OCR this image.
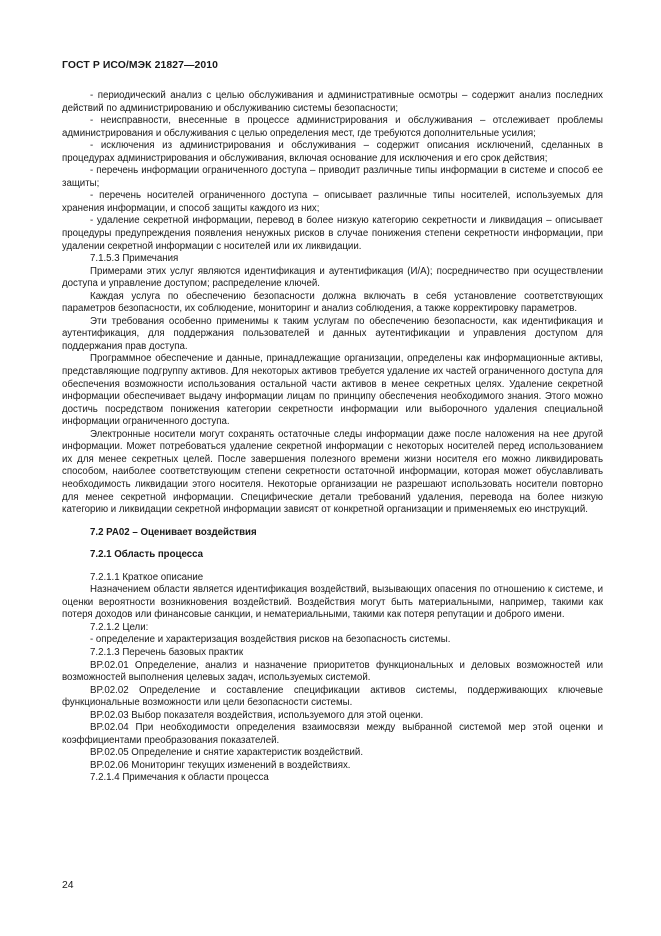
ГОСТ Р ИСО/МЭК 21827—2010

- периодический анализ с целью обслуживания и административные осмотры – содержит анализ последних действий по администрированию и обслуживанию системы безопасности;

- неисправности, внесенные в процессе администрирования и обслуживания – отслеживает проблемы администрирования и обслуживания с целью определения мест, где требуются дополнительные усилия;

- исключения из администрирования и обслуживания – содержит описания исключений, сделанных в процедурах администрирования и обслуживания, включая основание для исключения и его срок действия;

- перечень информации ограниченного доступа – приводит различные типы информации в системе и способ ее защиты;

- перечень носителей ограниченного доступа – описывает различные типы носителей, используемых для хранения информации, и способ защиты каждого из них;

- удаление секретной информации, перевод в более низкую категорию секретности и ликвидация – описывает процедуры предупреждения появления ненужных рисков в случае понижения степени секретности информации, при удалении секретной информации с носителей или их ликвидации.

7.1.5.3 Примечания

Примерами этих услуг являются идентификация и аутентификация (И/А); посредничество при осуществлении доступа и управление доступом; распределение ключей.

Каждая услуга по обеспечению безопасности должна включать в себя установление соответствующих параметров безопасности, их соблюдение, мониторинг и анализ соблюдения, а также корректировку параметров.

Эти требования особенно применимы к таким услугам по обеспечению безопасности, как идентификация и аутентификация, для поддержания пользователей и данных аутентификации и управления доступом для поддержания прав доступа.

Программное обеспечение и данные, принадлежащие организации, определены как информационные активы, представляющие подгруппу активов. Для некоторых активов требуется удаление их частей ограниченного доступа для обеспечения возможности использования остальной части активов в менее секретных целях. Удаление секретной информации обеспечивает выдачу информации лицам по принципу обеспечения необходимого знания. Этого можно достичь посредством понижения категории секретности информации или выборочного удаления специальной информации ограниченного доступа.

Электронные носители могут сохранять остаточные следы информации даже после наложения на нее другой информации. Может потребоваться удаление секретной информации с некоторых носителей перед использованием их для менее секретных целей. После завершения полезного времени жизни носителя его можно ликвидировать способом, наиболее соответствующим степени секретности остаточной информации, которая может обуславливать необходимость ликвидации этого носителя. Некоторые организации не разрешают использовать носители повторно для менее секретной информации. Специфические детали требований удаления, перевода на более низкую категорию и ликвидации секретной информации зависят от конкретной организации и применяемых ею инструкций.

7.2 PA02 – Оценивает воздействия

7.2.1 Область процесса

7.2.1.1 Краткое описание

Назначением области является идентификация воздействий, вызывающих опасения по отношению к системе, и оценки вероятности возникновения воздействий. Воздействия могут быть материальными, например, такими как потеря доходов или финансовые санкции, и нематериальными, такими как потеря репутации и доброго имени.

7.2.1.2 Цели:

- определение и характеризация воздействия рисков на безопасность системы.

7.2.1.3 Перечень базовых практик

BP.02.01 Определение, анализ и назначение приоритетов функциональных и деловых возможностей или возможностей выполнения целевых задач, используемых системой.

BP.02.02 Определение и составление спецификации активов системы, поддерживающих ключевые функциональные возможности или цели безопасности системы.

BP.02.03 Выбор показателя воздействия, используемого для этой оценки.

BP.02.04 При необходимости определения взаимосвязи между выбранной системой мер этой оценки и коэффициентами преобразования показателей.

BP.02.05 Определение и снятие характеристик воздействий.

BP.02.06 Мониторинг текущих изменений в воздействиях.

7.2.1.4 Примечания к области процесса

24
